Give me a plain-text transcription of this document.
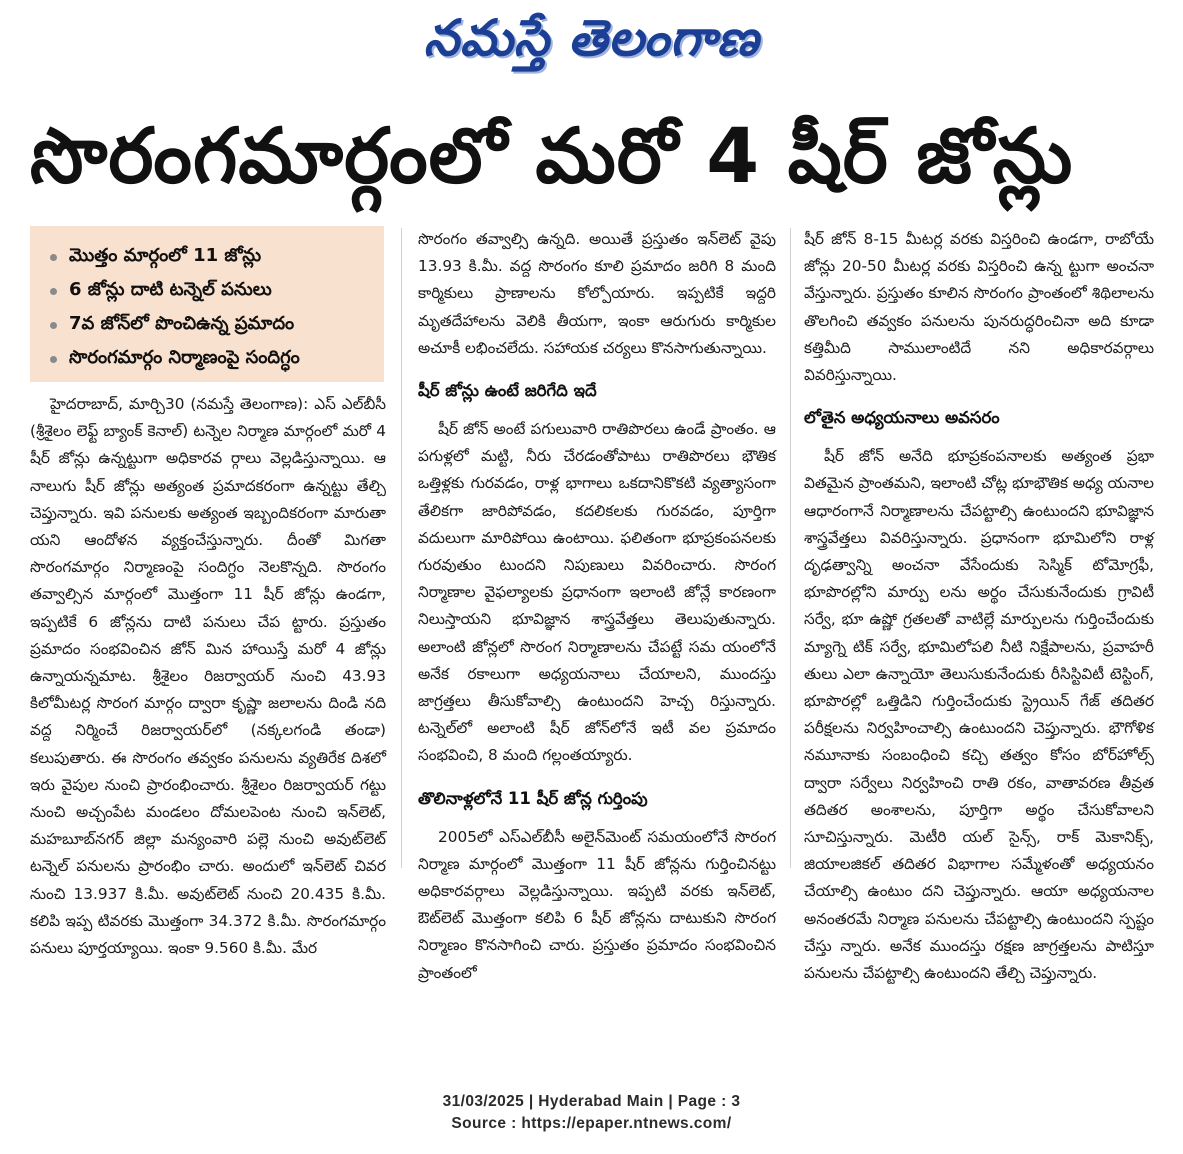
నమస్తే తెలంగాణ
సొరంగమార్గంలో మరో 4 షీర్ జోన్లు
మొత్తం మార్గంలో 11 జోన్లు
6 జోన్లు దాటి టన్నెల్ పనులు
7వ జోన్‌లో పొంచిఉన్న ప్రమాదం
సొరంగమార్గం నిర్మాణంపై సందిగ్ధం

హైదరాబాద్, మార్చి30 (నమస్తే తెలంగాణ): ఎస్ ఎల్‌బీసీ (శ్రీశైలం లెఫ్ట్ బ్యాంక్ కెనాల్) టన్నెల నిర్మాణ మార్గంలో మరో 4 షీర్ జోన్లు ఉన్నట్టుగా అధికారవ ర్గాలు వెల్లడిస్తున్నాయి. ఆ నాలుగు షీర్ జోన్లు అత్యంత ప్రమాదకరంగా ఉన్నట్టు తేల్చి చెప్తున్నారు. ఇవి పనులకు అత్యంత ఇబ్బందికరంగా మారుతా యని ఆందోళన వ్యక్తంచేస్తున్నారు. దీంతో మిగతా సొరంగమార్గం నిర్మాణంపై సందిగ్ధం నెలకొన్నది. సొరంగం తవ్వాల్సిన మార్గంలో మొత్తంగా 11 షీర్ జోన్లు ఉండగా, ఇప్పటికే 6 జోన్లను దాటి పనులు చేప ట్టారు. ప్రస్తుతం ప్రమాదం సంభవించిన జోన్ మిన హాయిస్తే మరో 4 జోన్లు ఉన్నాయన్నమాట. శ్రీశైలం రిజర్వాయర్ నుంచి 43.93 కిలోమీటర్ల సొరంగ మార్గం ద్వారా కృష్ణా జలాలను దిండి నది వద్ద నిర్మించే రిజర్వాయర్‌లో (నక్కలగండి తండా) కలుపుతారు. ఈ సొరంగం తవ్వకం పనులను వ్యతిరేక దిశలో ఇరు వైపుల నుంచి ప్రారంభించారు. శ్రీశైలం రిజర్వాయర్ గట్టు నుంచి అచ్చంపేట మండలం దోమలపెంట నుంచి ఇన్‌లెట్, మహబూబ్‌నగర్ జిల్లా మన్యంవారి పల్లె నుంచి అవుట్‌లెట్ టన్నెల్ పనులను ప్రారంభిం చారు. అందులో ఇన్‌లెట్ చివర నుంచి 13.937 కి.మీ. అవుట్‌లెట్ నుంచి 20.435 కి.మీ. కలిపి ఇప్ప టివరకు మొత్తంగా 34.372 కి.మీ. సొరంగమార్గం పనులు పూర్తయ్యాయి. ఇంకా 9.560 కి.మీ. మేర

సొరంగం తవ్వాల్సి ఉన్నది. అయితే ప్రస్తుతం ఇన్‌లెట్ వైపు 13.93 కి.మీ. వద్ద సొరంగం కూలి ప్రమాదం జరిగి 8 మంది కార్మికులు ప్రాణాలను కోల్పోయారు. ఇప్పటికే ఇద్దరి మృతదేహాలను వెలికి తీయగా, ఇంకా ఆరుగురు కార్మికుల అచూకీ లభించలేదు. సహాయక చర్యలు కొనసాగుతున్నాయి.

షీర్ జోన్లు ఉంటే జరిగేది ఇదే

షీర్ జోన్ అంటే పగులువారి రాతిపొరలు ఉండే ప్రాంతం. ఆ పగుళ్లలో మట్టి, నీరు చేరడంతోపాటు రాతిపొరలు భౌతిక ఒత్తిళ్లకు గురవడం, రాళ్ల భాగాలు ఒకదానికొకటి వ్యత్యాసంగా తేలికగా జారిపోవడం, కదలికలకు గురవడం, పూర్తిగా వదులుగా మారిపోయి ఉంటాయి. ఫలితంగా భూప్రకంపనలకు గురవుతుం టుందని నిపుణులు వివరించారు. సొరంగ నిర్మాణాల వైఫల్యాలకు ప్రధానంగా ఇలాంటి జోన్లే కారణంగా నిలుస్తాయని భూవిజ్ఞాన శాస్త్రవేత్తలు తెలుపుతున్నారు. అలాంటి జోన్లలో సొరంగ నిర్మాణాలను చేపట్టే సమ యంలోనే అనేక రకాలుగా అధ్యయనాలు చేయాలని, ముందస్తు జాగ్రత్తలు తీసుకోవాల్సి ఉంటుందని హెచ్చ రిస్తున్నారు. టన్నెల్‌లో అలాంటి షీర్ జోన్‌లోనే ఇటీ వల ప్రమాదం సంభవించి, 8 మంది గల్లంతయ్యారు.

తొలినాళ్లలోనే 11 షీర్ జోన్ల గుర్తింపు

2005లో ఎస్‌ఎల్‌బీసీ అలైన్‌మెంట్ సమయంలోనే సొరంగ నిర్మాణ మార్గంలో మొత్తంగా 11 షీర్ జోన్లను గుర్తించినట్టు అధికారవర్గాలు వెల్లడిస్తున్నాయి. ఇప్పటి వరకు ఇన్‌లెట్, ఔట్‌లెట్ మొత్తంగా కలిపి 6 షీర్ జోన్లను దాటుకుని సొరంగ నిర్మాణం కొనసాగించి చారు. ప్రస్తుతం ప్రమాదం సంభవించిన ప్రాంతంలో

షీర్ జోన్ 8-15 మీటర్ల వరకు విస్తరించి ఉండగా, రాబోయే జోన్లు 20-50 మీటర్ల వరకు విస్తరించి ఉన్న ట్టుగా అంచనా వేస్తున్నారు. ప్రస్తుతం కూలిన సొరంగం ప్రాంతంలో శిథిలాలను తొలగించి తవ్వకం పనులను పునరుద్ధరించినా అది కూడా కత్తిమీది సాములాంటిదే నని అధికారవర్గాలు వివరిస్తున్నాయి.

లోతైన అధ్యయనాలు అవసరం

షీర్ జోన్ అనేది భూప్రకంపనాలకు అత్యంత ప్రభా వితమైన ప్రాంతమని, ఇలాంటి చోట్ల భూభౌతిక అధ్య యనాల ఆధారంగానే నిర్మాణాలను చేపట్టాల్సి ఉంటుందని భూవిజ్ఞాన శాస్త్రవేత్తలు వివరిస్తున్నారు. ప్రధానంగా భూమిలోని రాళ్ల దృఢత్వాన్ని అంచనా వేసేందుకు సెస్మిక్ టోమోగ్రఫీ, భూపొరల్లోని మార్పు లను అర్థం చేసుకునేందుకు గ్రావిటీ సర్వే, భూ ఉష్ణో గ్రతలతో వాటిల్లే మార్పులను గుర్తించేందుకు మ్యాగ్నె టిక్ సర్వే, భూమిలోపలి నీటి నిక్షేపాలను, ప్రవాహరీ తులు ఎలా ఉన్నాయో తెలుసుకునేందుకు రీసిస్టివిటీ టెస్టింగ్, భూపొరల్లో ఒత్తిడిని గుర్తించేందుకు స్ట్రెయిన్ గేజ్ తదితర పరీక్షలను నిర్వహించాల్సి ఉంటుందని చెప్తున్నారు. భౌగోళిక నమూనాకు సంబంధించి కచ్చి తత్వం కోసం బోర్‌హోల్స్ ద్వారా సర్వేలు నిర్వహించి రాతి రకం, వాతావరణ తీవ్రత తదితర అంశాలను, పూర్తిగా అర్థం చేసుకోవాలని సూచిస్తున్నారు. మెటీరి యల్ సైన్స్, రాక్ మెకానిక్స్, జియాలజికల్ తదితర విభాగాల సమ్మేళంతో అధ్యయనం చేయాల్సి ఉంటుం దని చెప్తున్నారు. ఆయా అధ్యయనాల అనంతరమే నిర్మాణ పనులను చేపట్టాల్సి ఉంటుందని స్పష్టం చేస్తు న్నారు. అనేక ముందస్తు రక్షణ జాగ్రత్తలను పాటిస్తూ పనులను చేపట్టాల్సి ఉంటుందని తేల్చి చెప్తున్నారు.

31/03/2025 | Hyderabad Main | Page : 3
Source : https://epaper.ntnews.com/
